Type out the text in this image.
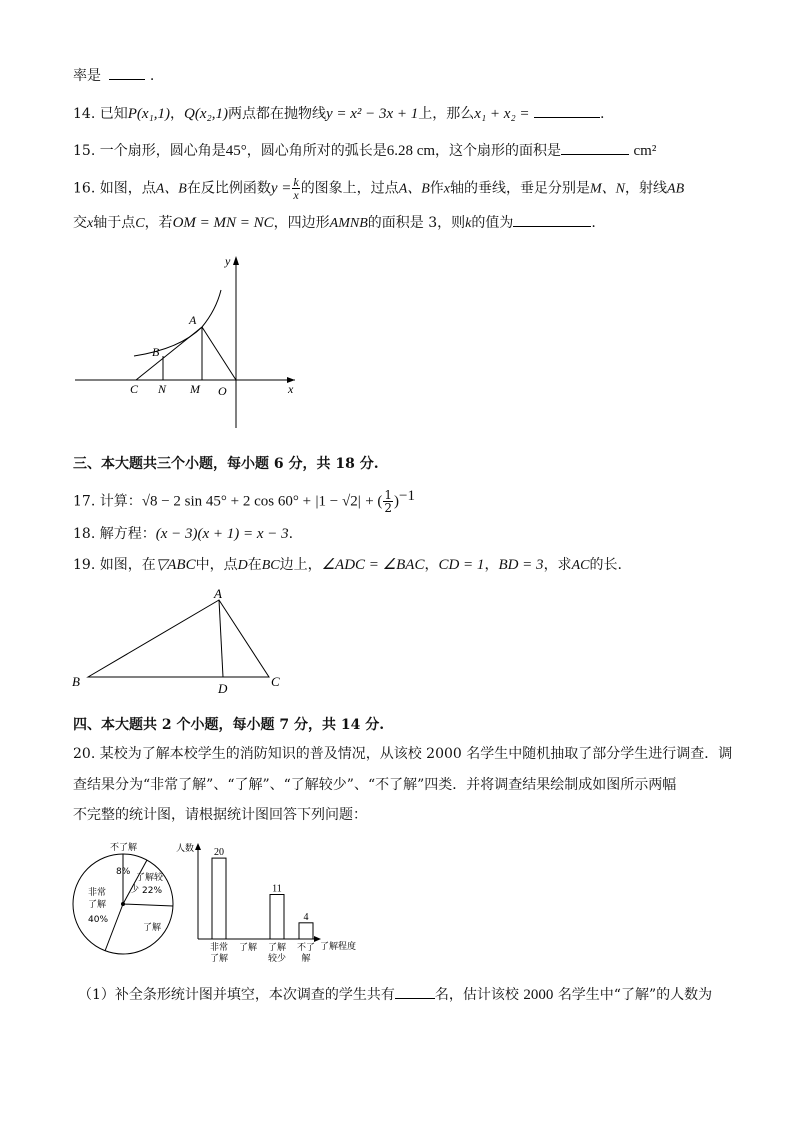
率是	.
14. 已知P(x₁,1)，Q(x₂,1)两点都在抛物线y = x² − 3x + 1上，那么x₁ + x₂ =	.
15. 一个扇形，圆心角是45°，圆心角所对的弧长是6.28 cm，这个扇形的面积是	cm²
16. 如图，点A、B在反比例函数$y = \frac{k}{x}$ 的图象上，过点A、B作x轴的垂线，垂足分别是M、N，射线AB
交x轴于点C，若OM = MN = NC，四边形AMNB的面积是 3，则k的值为	.
y
A
B
C N M O	x
三、本大题共三个小题，每小题 6 分，共 18 分.
17. 计算：√8 − 2 sin 45° + 2 cos 60° + |1 − √2| + ( $\frac{1}{2} )^{-1}$
18. 解方程：(x − 3)(x + 1) = x − 3.
19. 如图，在▽ABC中，点D在BC边上，∠ADC = ∠BAC，CD = 1，BD = 3，求AC的长.
A
B	D	C
四、本大题共 2 个小题，每小题 7 分，共 14 分.
20. 某校为了解本校学生的消防知识的普及情况，从该校 2000 名学生中随机抽取了部分学生进行调查．调
查结果分为“非常了解”、“了解”、“了解较少”、“不了解”四类．并将调查结果绘制成如图所示两幅
不完整的统计图，请根据统计图回答下列问题：
不了解
8%
了解较
少 22%
非常
了解
40%
了解
人数
了解程度
20
非常了解
了解
11
了解较少
4
不了解
（1）补全条形统计图并填空，本次调查的学生共有	名，估计该校 2000 名学生中“了解”的人数为
